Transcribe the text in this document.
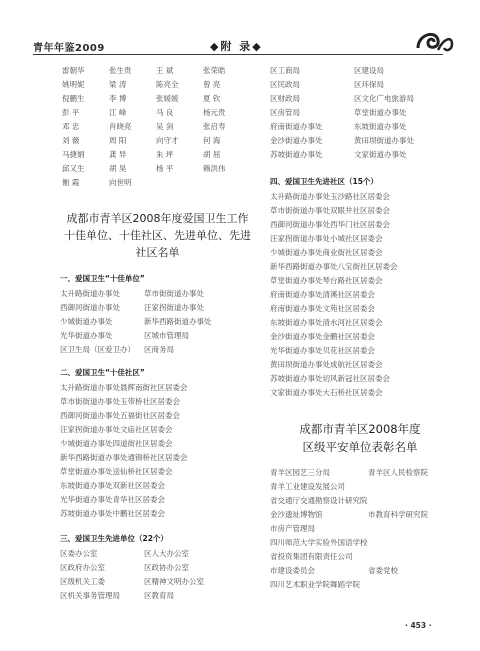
青年年鉴2009	◆附 录◆
雷朝华	张生贵	王 斌	张荣皓
姚明妮	梁 涛	陈亮全	曾 亮
倪鹏生	李 博	张媛媛	夏 钦
彭 平	江 峰	马 良	杨元贵
邓 忠	肖晓亮	吴 剑	张启寿
刘 薇	周 阳	向守才	何 海
马捷娟	龚 异	朱 坪	胡 屈
邱又生	胡 昊	杨 平	赖洪伟
衡 霞	向世明
成都市青羊区2008年度爱国卫生工作
十佳单位、十佳社区、先进单位、先进社区名单
一、爱国卫生“十佳单位”
太升路街道办事处	草市街街道办事处
西御河街道办事处	汪家拐街道办事处
少城街道办事处	新华西路街道办事处
光华街道办事处	区城市管理局
区卫生局（区爱卫办）	区商务局
二、爱国卫生“十佳社区”
太升路街道办事处晨辉南街社区居委会
草市街街道办事处玉带桥社区居委会
西御河街道办事处五福街社区居委会
汪家拐街道办事处文庙社区居委会
少城街道办事处四道街社区居委会
新华西路街道办事处通锦桥社区居委会
草堂街道办事处送仙桥社区居委会
东坡街道办事处双新社区居委会
光华街道办事处青华社区居委会
苏坡街道办事处中鹏社区居委会
三、爱国卫生先进单位（22个）
区委办公室	区人大办公室
区政府办公室	区政协办公室
区级机关工委	区精神文明办公室
区机关事务管理局	区教育局
区工商局	区建设局
区民政局	区环保局
区财政局	区文化广电旅游局
区房管局	草堂街道办事处
府南街道办事处	东坡街道办事处
金沙街道办事处	黄田坝街道办事处
苏坡街道办事处	文家街道办事处
四、爱国卫生先进社区（15个）
太升路街道办事处玉沙路社区居委会
草市街街道办事处双眼井社区居委会
西御河街道办事处西华门社区居委会
汪家拐街道办事处小城社区居委会
少城街道办事处商业街社区居委会
新华西路街道办事处八宝街社区居委会
草堂街道办事处琴台路社区居委会
府南街道办事处清溪社区居委会
府南街道办事处文苑社区居委会
东坡街道办事处清水河社区居委会
金沙街道办事处金鹏社区居委会
光华街道办事处贝花社区居委会
黄田坝街道办事处成航社区居委会
苏坡街道办事处切风新冠社区居委会
文家街道办事处大石桥社区居委会
成都市青羊区2008年度
区级平安单位表彰名单
青羊区园艺三分局	青羊区人民检察院
青羊工业建设发展公司
省交通厅交通勘察设计研究院
金沙遗址博物馆	市教育科学研究院
市房产管理局
四川师范大学实验外国语学校
省投资集团有限责任公司
市建设委员会	省委党校
四川艺术职业学院舞蹈学院
· 453 ·
